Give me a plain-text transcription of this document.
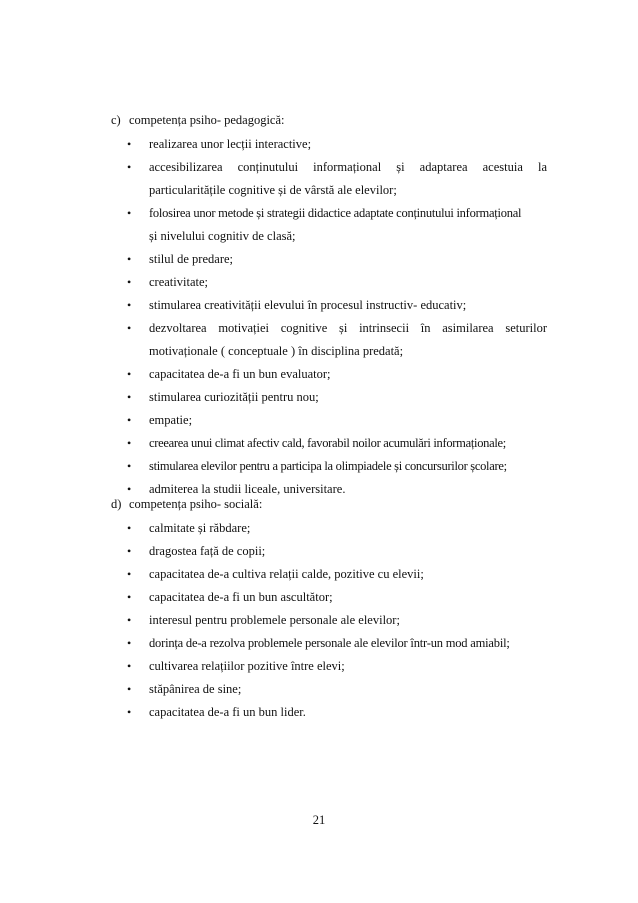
c) competența psiho- pedagogică:
•	realizarea unor lecții interactive;
•	accesibilizarea    conținutului    informațional    și    adaptarea    acestuia    la
particularitățile cognitive și de vârstă ale elevilor;
•	folosirea unor metode și strategii didactice adaptate conținutului informațional
și nivelului cognitiv de clasă;
•	stilul de predare;
•	creativitate;
•	stimularea creativității elevului în procesul instructiv- educativ;
•	dezvoltarea   motivației   cognitive   și   intrinsecii   în   asimilarea   seturilor
motivaționale ( conceptuale ) în disciplina predată;
•	capacitatea de-a fi un bun evaluator;
•	stimularea curiozității pentru nou;
•	empatie;
•	creearea unui climat afectiv cald, favorabil noilor acumulări informaționale;
•	stimularea elevilor pentru a participa la olimpiadele și concursurilor școlare;
•	admiterea la studii liceale, universitare.
d) competența psiho- socială:
•	calmitate și răbdare;
•	dragostea față de copii;
•	capacitatea de-a cultiva relații calde, pozitive cu elevii;
•	capacitatea de-a fi un bun ascultător;
•	interesul pentru problemele personale ale elevilor;
•	dorința de-a rezolva problemele personale ale elevilor într-un mod amiabil;
•	cultivarea relațiilor pozitive între elevi;
•	stăpânirea de sine;
•	capacitatea de-a fi un bun lider.
21
